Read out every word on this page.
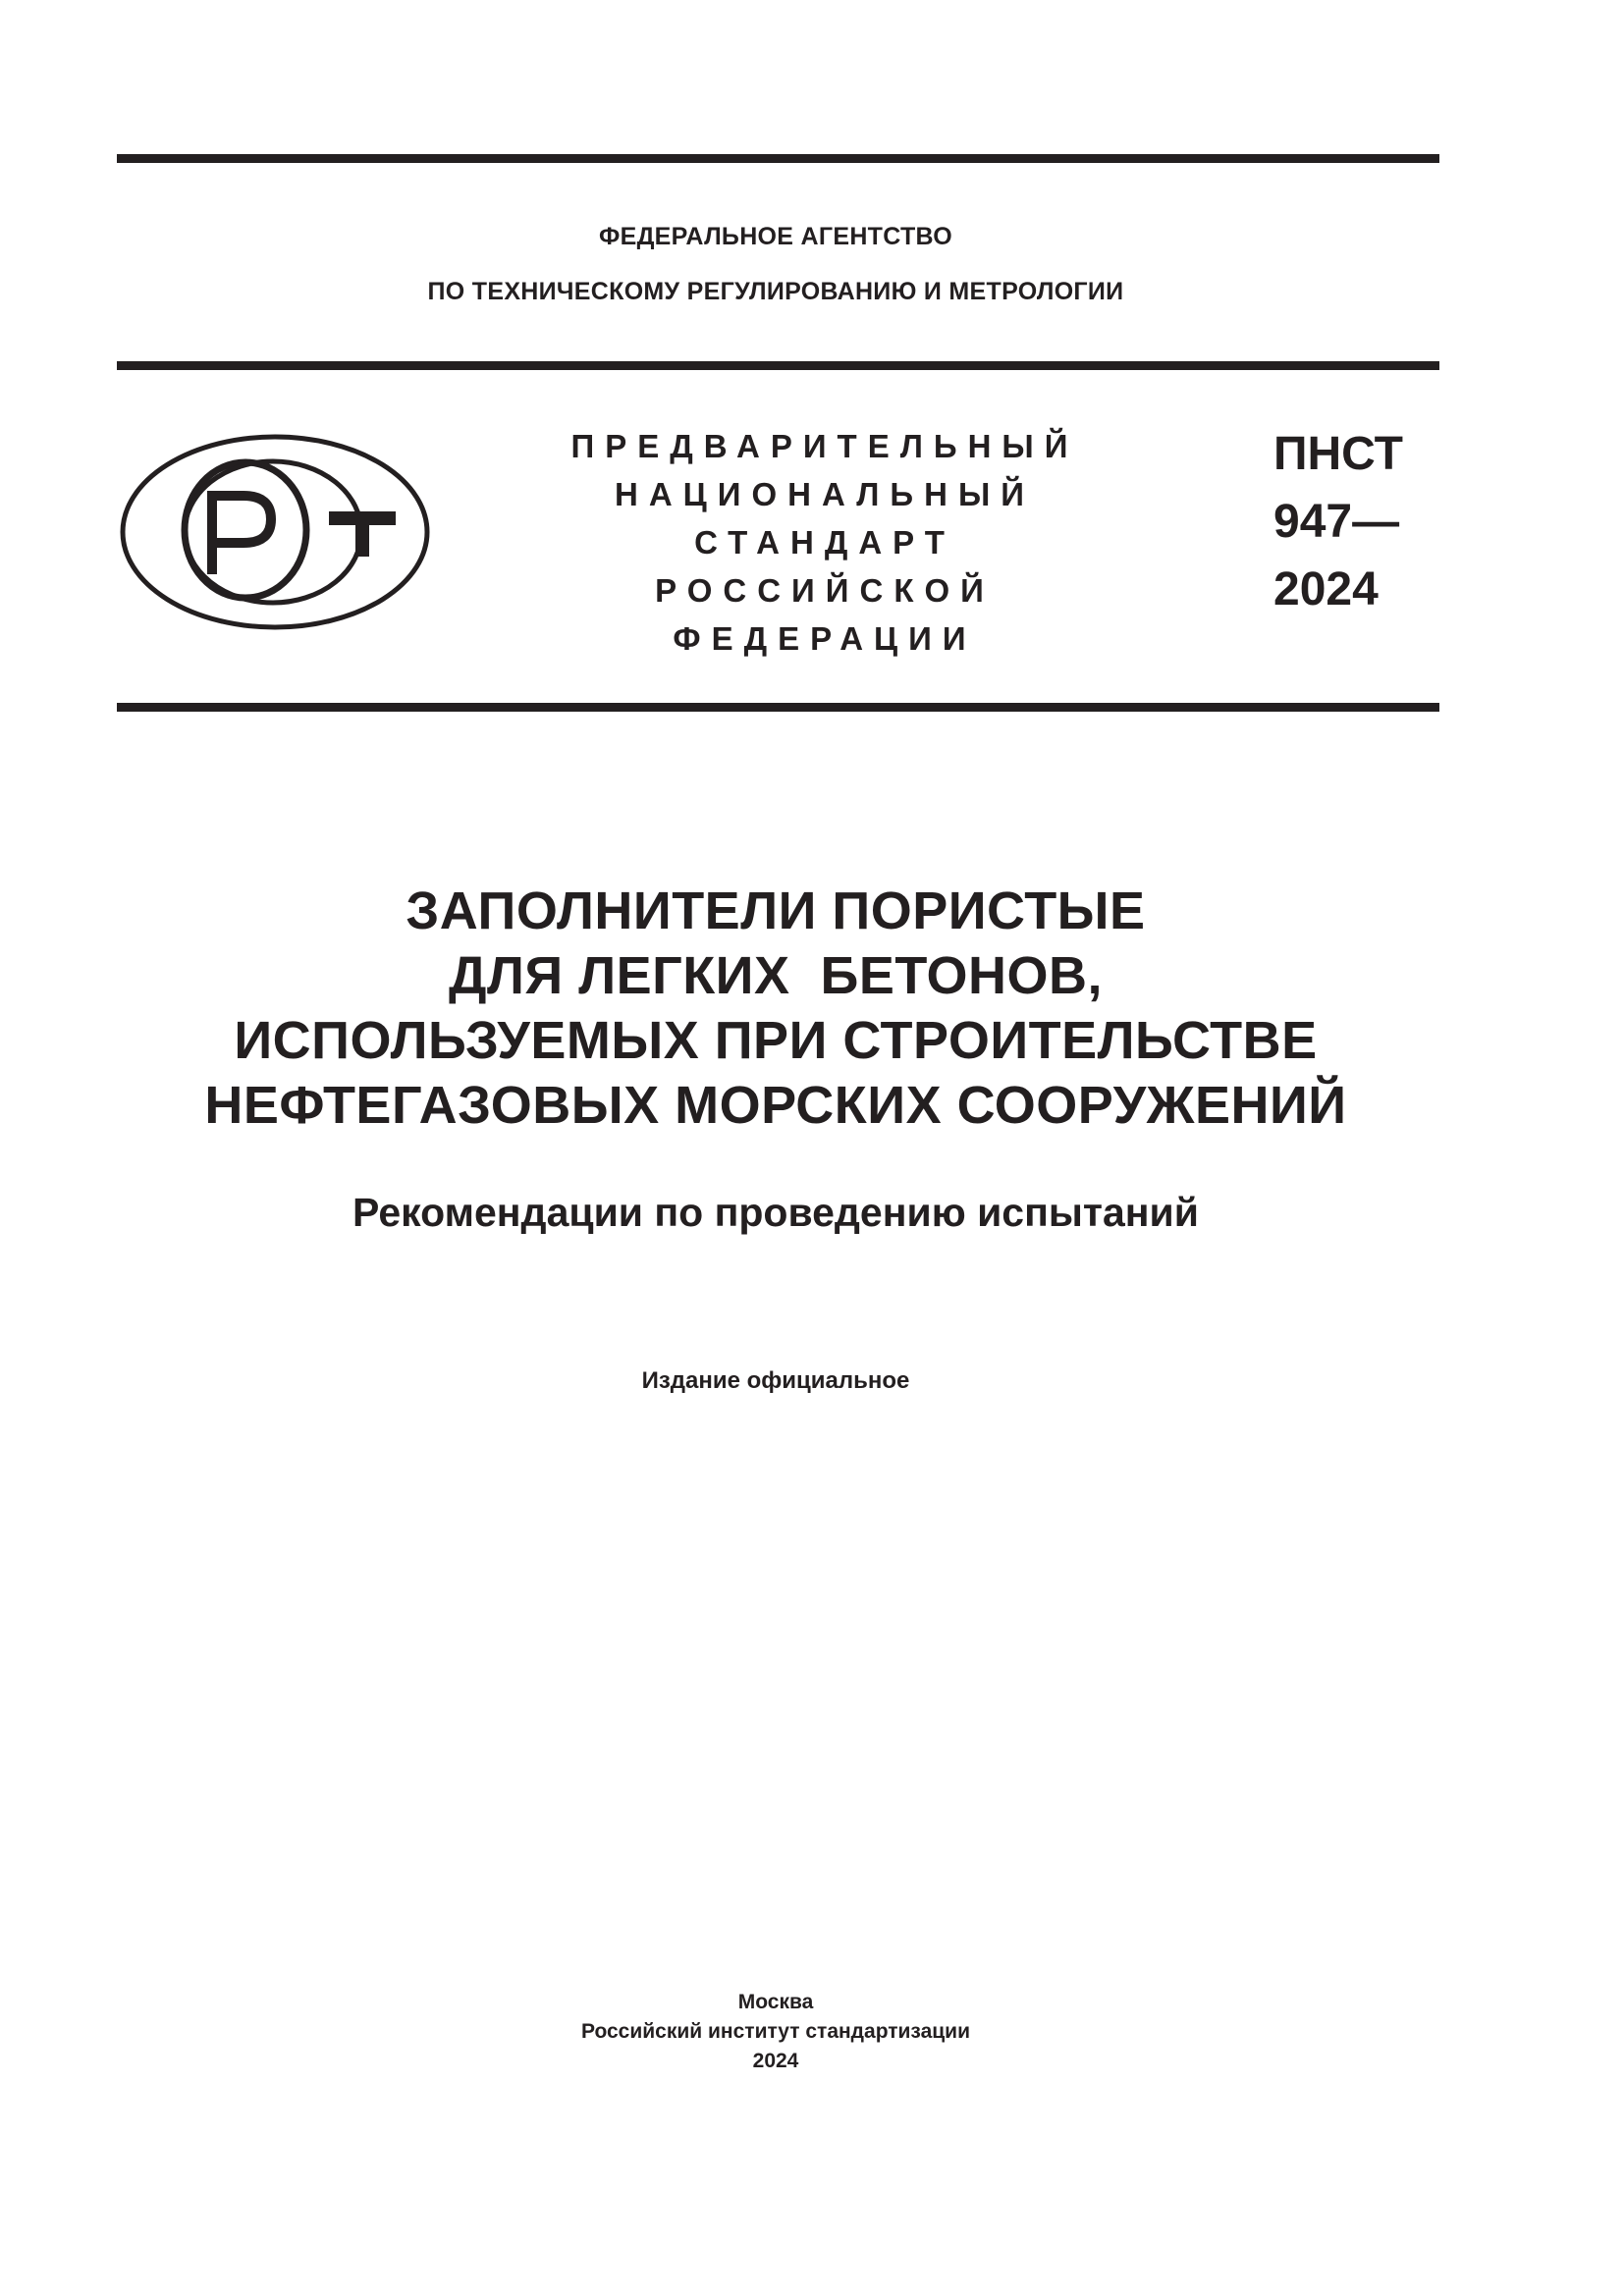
ФЕДЕРАЛЬНОЕ АГЕНТСТВО
ПО ТЕХНИЧЕСКОМУ РЕГУЛИРОВАНИЮ И МЕТРОЛОГИИ
ПРЕДВАРИТЕЛЬНЫЙ
НАЦИОНАЛЬНЫЙ
СТАНДАРТ
РОССИЙСКОЙ
ФЕДЕРАЦИИ
ПНСТ
947—
2024
ЗАПОЛНИТЕЛИ ПОРИСТЫЕ
ДЛЯ ЛЕГКИХ  БЕТОНОВ,
ИСПОЛЬЗУЕМЫХ ПРИ СТРОИТЕЛЬСТВЕ
НЕФТЕГАЗОВЫХ МОРСКИХ СООРУЖЕНИЙ
Рекомендации по проведению испытаний
Издание официальное
Москва
Российский институт стандартизации
2024
